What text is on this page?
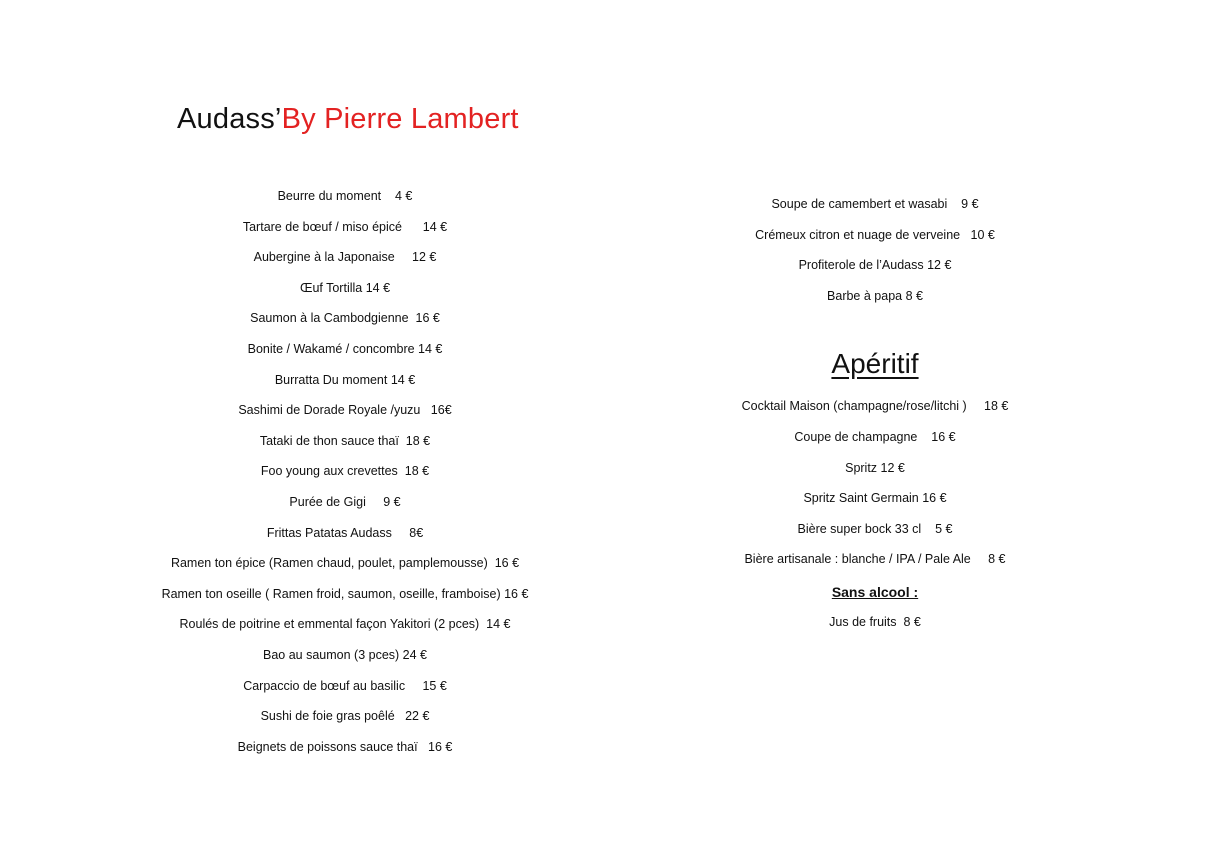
Audass’By Pierre Lambert
Beurre du moment    4 €
Tartare de bœuf / miso épicé      14 €
Aubergine à la Japonaise     12 €
Œuf Tortilla 14 €
Saumon à la Cambodgienne  16 €
Bonite / Wakamé / concombre 14 €
Burratta Du moment 14 €
Sashimi de Dorade Royale /yuzu   16€
Tataki de thon sauce thaï  18 €
Foo young aux crevettes  18 €
Purée de Gigi     9 €
Frittas Patatas Audass     8€
Ramen ton épice (Ramen chaud, poulet, pamplemousse)  16 €
Ramen ton oseille ( Ramen froid, saumon, oseille, framboise) 16 €
Roulés de poitrine et emmental façon Yakitori (2 pces)  14 €
Bao au saumon (3 pces) 24 €
Carpaccio de bœuf au basilic     15 €
Sushi de foie gras poêlé   22 €
Beignets de poissons sauce thaï   16 €
Soupe de camembert et wasabi    9 €
Crémeux citron et nuage de verveine   10 €
Profiterole de l’Audass 12 €
Barbe à papa 8 €
Apéritif
Cocktail Maison (champagne/rose/litchi )     18 €
Coupe de champagne    16 €
Spritz 12 €
Spritz Saint Germain 16 €
Bière super bock 33 cl    5 €
Bière artisanale : blanche / IPA / Pale Ale     8 €
Sans alcool :
Jus de fruits  8 €
